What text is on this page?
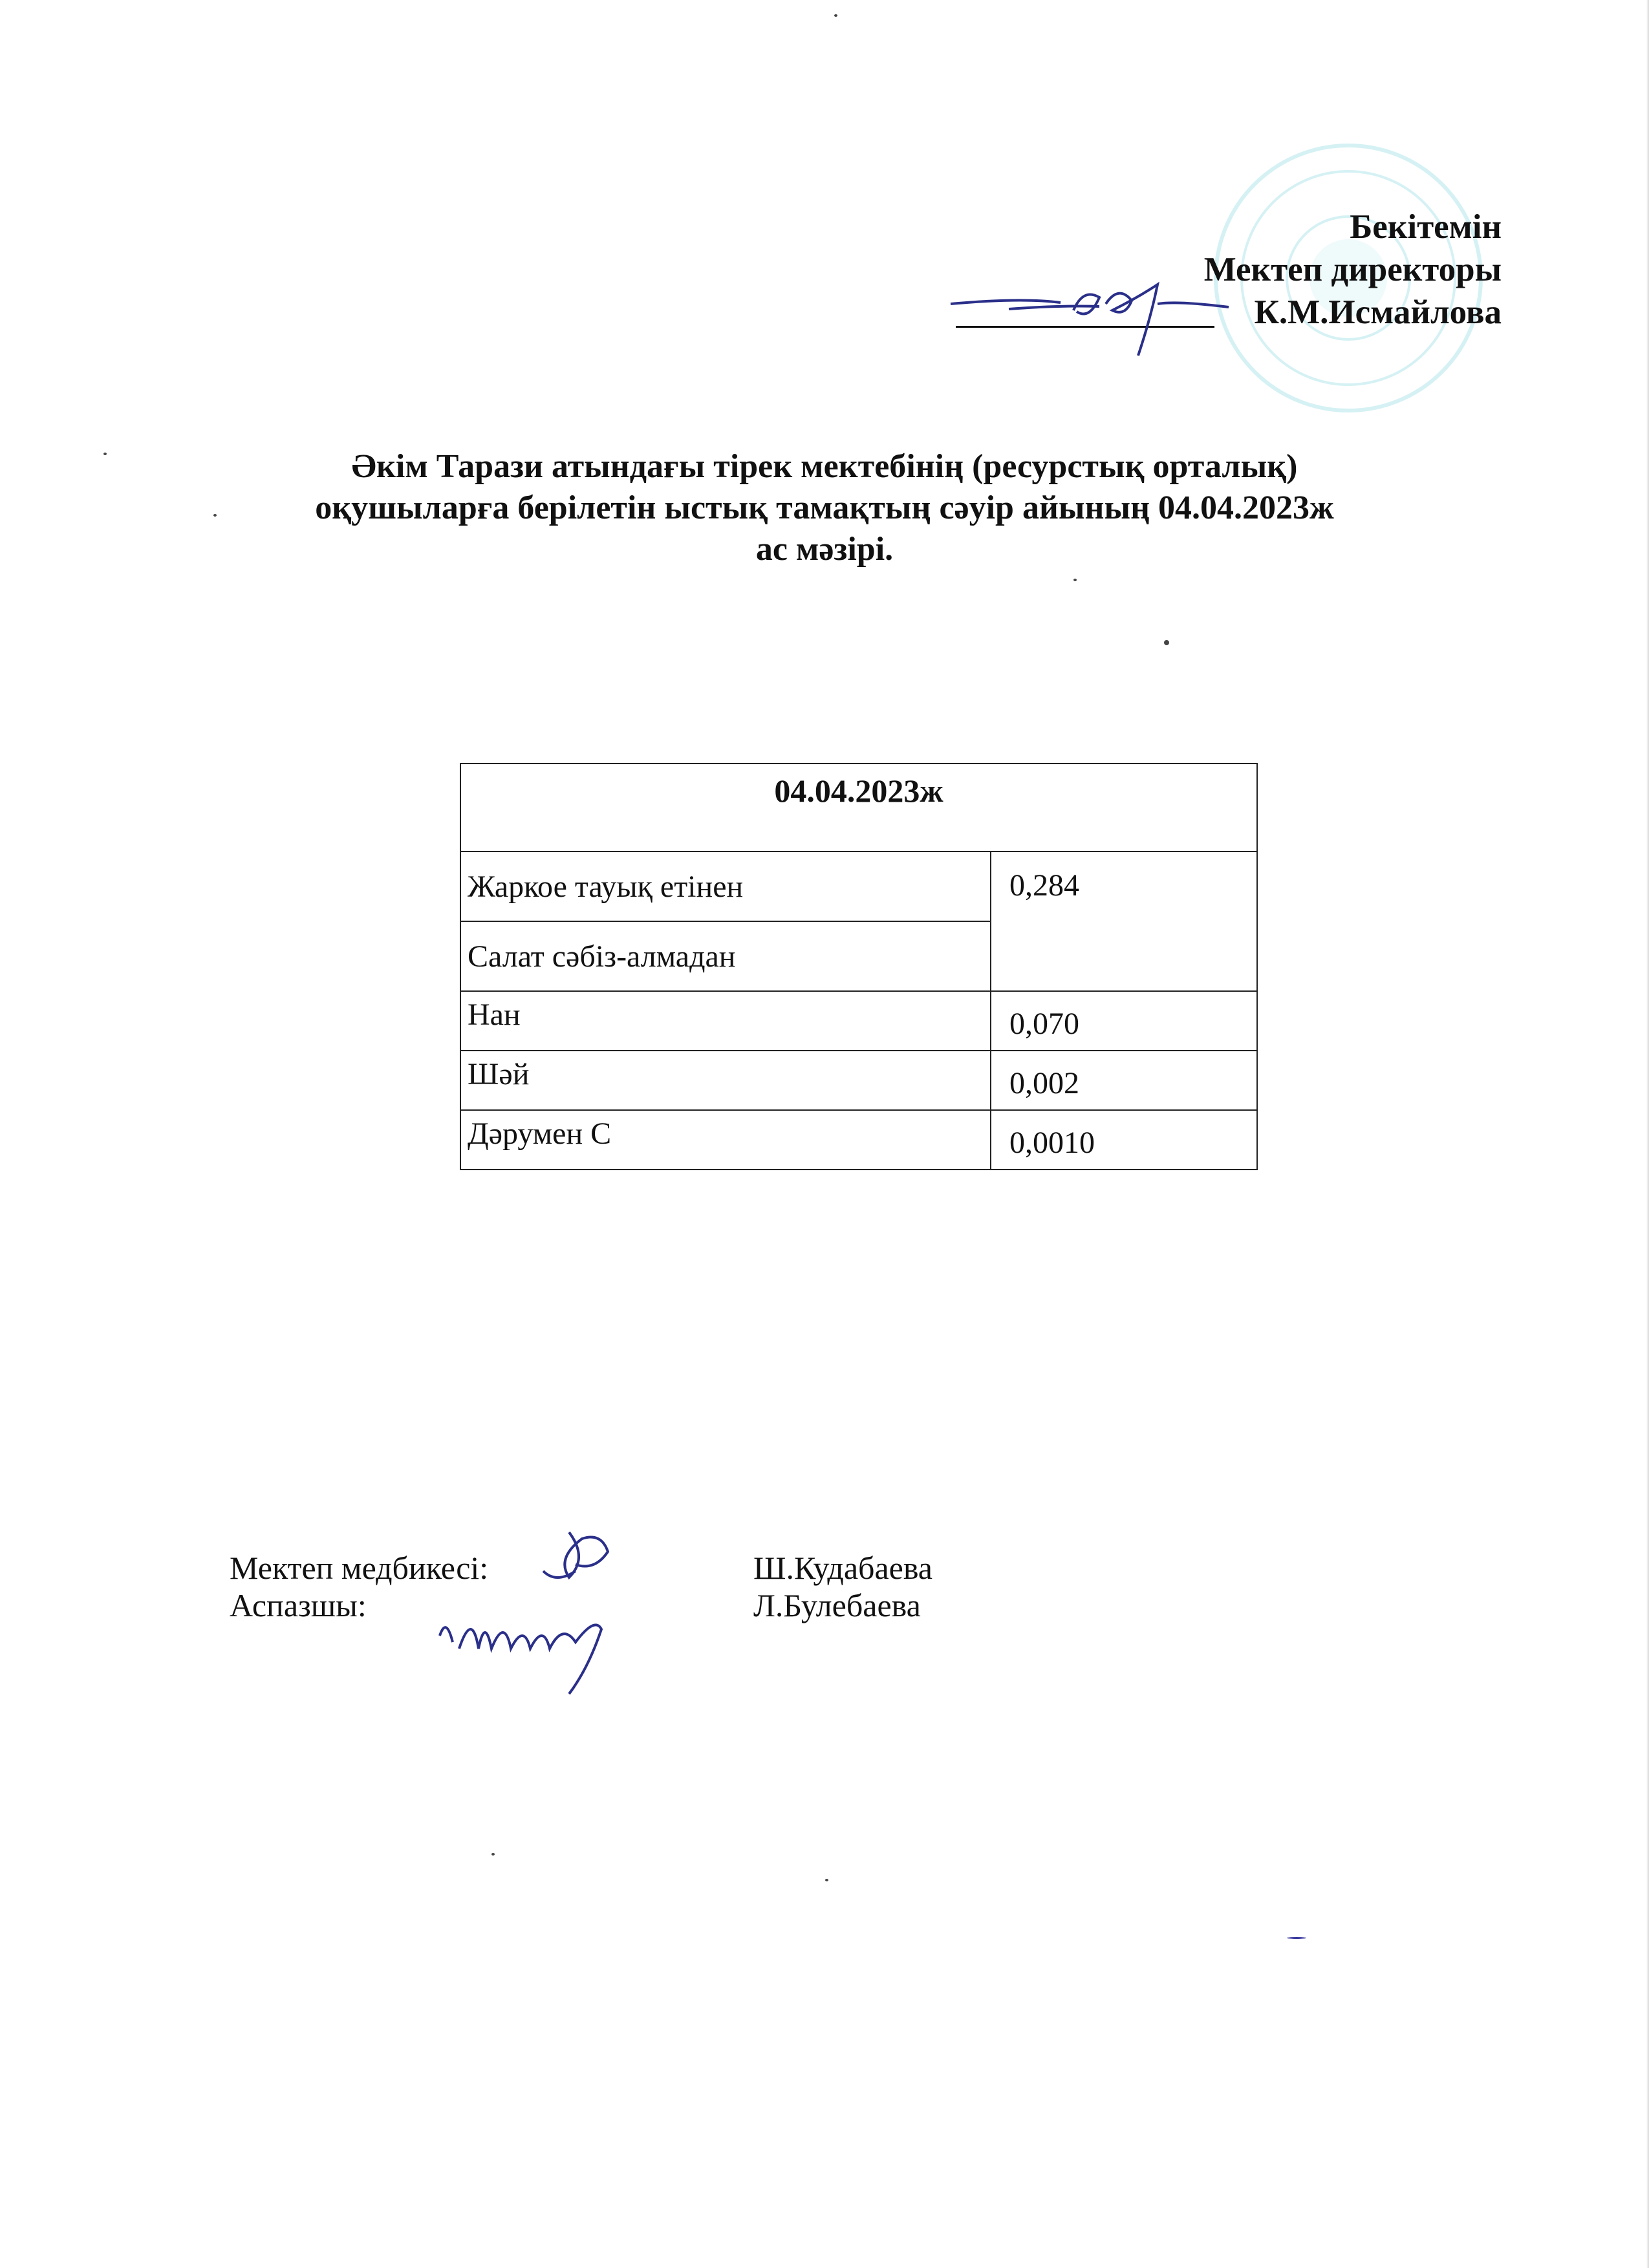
Бекітемін
Мектеп директоры
К.М.Исмайлова
Әкім Тарази атындағы тірек мектебінің (ресурстық орталық)
оқушыларға берілетін ыстық тамақтың сәуір айының 04.04.2023ж
ас мәзірі.
04.04.2023ж	
Жаркое тауық етінен	0,284
Салат сәбіз-алмадан	
Нан	0,070
Шәй	0,002
Дәрумен С	0,0010
Мектеп медбикесі:	Ш.Кудабаева
Аспазшы:	Л.Булебаева
